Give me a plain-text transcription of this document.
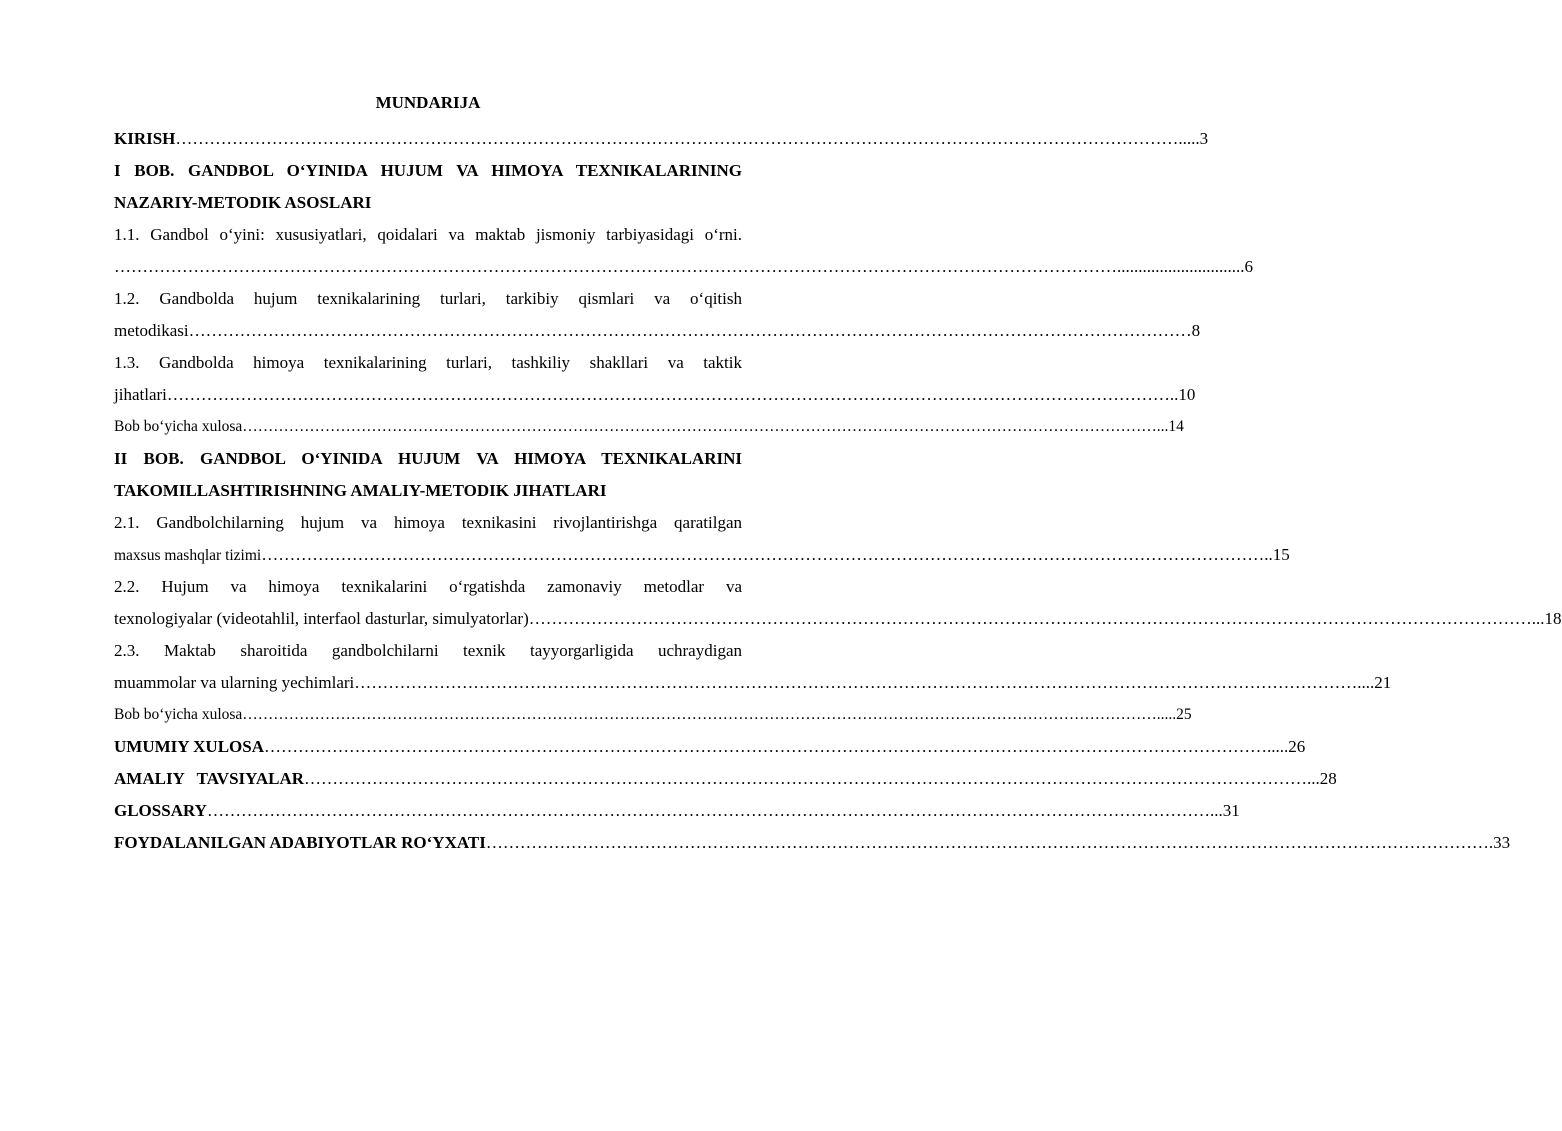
MUNDARIJA
KIRISH …………………………………………………………………………………………………………………………………………………………… .....3
I BOB. GANDBOL O‘YINIDA HUJUM VA HIMOYA TEXNIKALARINING
NAZARIY-METODIK ASOSLARI
1.1. Gandbol o‘yini: xususiyatlari, qoidalari va maktab jismoniy tarbiyasidagi o‘rni.
…………………………………………………………………………………………………………………………………………………………… ..............................6
1.2. Gandbolda hujum texnikalarining turlari, tarkibiy qismlari va o‘qitish
metodikasi …………………………………………………………………………………………………………………………………………………………… 8
1.3. Gandbolda himoya texnikalarining turlari, tashkiliy shakllari va taktik
jihatlari …………………………………………………………………………………………………………………………………………………………… ..10
Bob bo‘yicha xulosa …………………………………………………………………………………………………………………………………………………………… ...14
II BOB. GANDBOL O‘YINIDA HUJUM VA HIMOYA TEXNIKALARINI
TAKOMILLASHTIRISHNING AMALIY-METODIK JIHATLARI
2.1. Gandbolchilarning hujum va himoya texnikasini rivojlantirishga qaratilgan
maxsus mashqlar tizimi …………………………………………………………………………………………………………………………………………………………… ..15
2.2. Hujum va himoya texnikalarini o‘rgatishda zamonaviy metodlar va
texnologiyalar (videotahlil, interfaol dasturlar, simulyatorlar) …………………………………………………………………………………………………………………………………………………………… ...18
2.3. Maktab sharoitida gandbolchilarni texnik tayyorgarligida uchraydigan
muammolar va ularning yechimlari …………………………………………………………………………………………………………………………………………………………… ....21
Bob bo‘yicha xulosa …………………………………………………………………………………………………………………………………………………………… .....25
UMUMIY XULOSA …………………………………………………………………………………………………………………………………………………………… .....26
AMALIY   TAVSIYALAR …………………………………………………………………………………………………………………………………………………………… ...28
GLOSSARY …………………………………………………………………………………………………………………………………………………………… ...31
FOYDALANILGAN ADABIYOTLAR RO‘YXATI …………………………………………………………………………………………………………………………………………………………… .33
